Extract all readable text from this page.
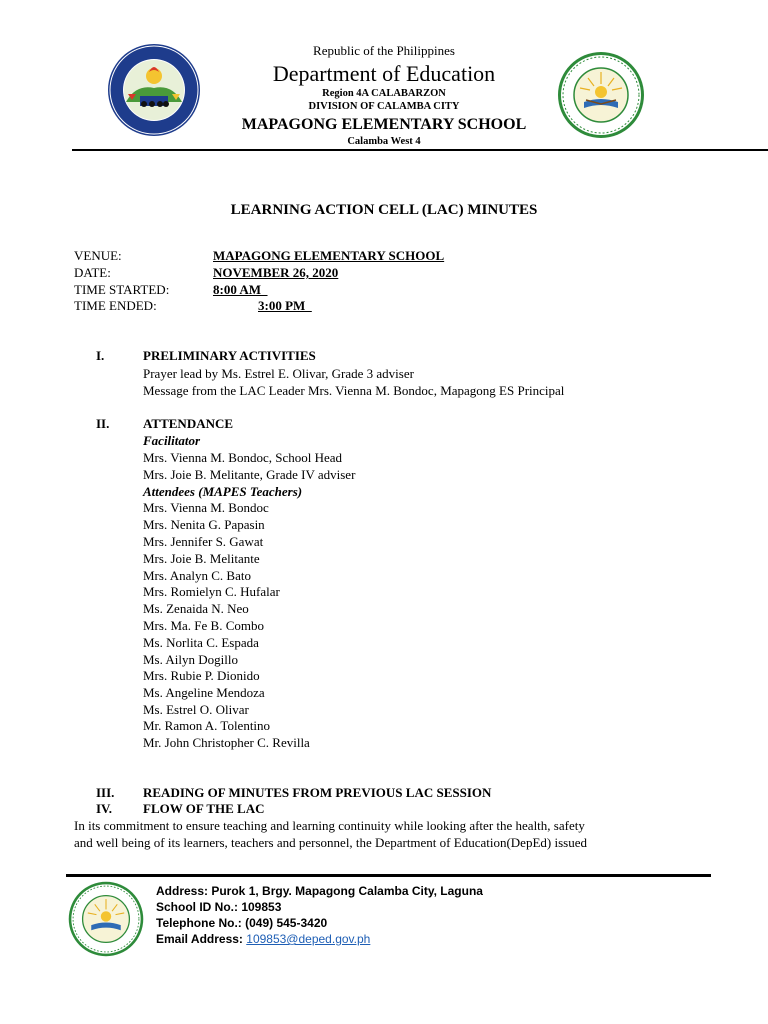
Republic of the Philippines
Department of Education
Region 4A CALABARZON
DIVISION OF CALAMBA CITY
MAPAGONG ELEMENTARY SCHOOL
Calamba West 4
LEARNING ACTION CELL (LAC) MINUTES
VENUE:	MAPAGONG ELEMENTARY SCHOOL
DATE:	NOVEMBER 26, 2020
TIME STARTED:	8:00 AM
TIME ENDED:	3:00 PM
I.	PRELIMINARY ACTIVITIES
Prayer lead by Ms. Estrel E. Olivar, Grade 3 adviser
Message from the LAC Leader Mrs. Vienna M. Bondoc, Mapagong ES Principal
II.	ATTENDANCE
Facilitator
Mrs. Vienna M. Bondoc, School Head
Mrs. Joie B. Melitante, Grade IV adviser
Attendees (MAPES Teachers)
Mrs. Vienna M. Bondoc
Mrs. Nenita G. Papasin
Mrs. Jennifer S. Gawat
Mrs. Joie B. Melitante
Mrs. Analyn C. Bato
Mrs. Romielyn C. Hufalar
Ms. Zenaida N. Neo
Mrs. Ma. Fe B. Combo
Ms. Norlita C. Espada
Ms. Ailyn Dogillo
Mrs. Rubie P. Dionido
Ms. Angeline Mendoza
Ms. Estrel O. Olivar
Mr. Ramon A. Tolentino
Mr. John Christopher C. Revilla
III. READING OF MINUTES FROM PREVIOUS LAC SESSION
IV. FLOW OF THE LAC
In its commitment to ensure teaching and learning continuity while looking after the health, safety
and well being of its learners, teachers and personnel, the Department of Education(DepEd) issued
Address: Purok 1, Brgy. Mapagong Calamba City, Laguna
School ID No.: 109853
Telephone No.: (049) 545-3420
Email Address: 109853@deped.gov.ph
